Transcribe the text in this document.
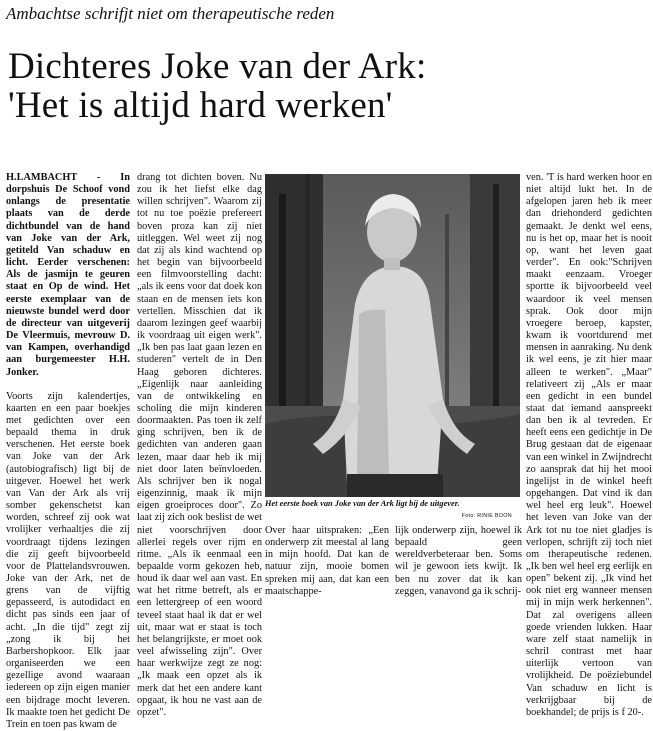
Ambachtse schrifjt niet om therapeutische reden
Dichteres Joke van der Ark:
'Het is altijd hard werken'

H.LAMBACHT - In dorpshuis De Schoof vond onlangs de presentatie plaats van de derde dichtbundel van de hand van Joke van der Ark, getiteld Van schaduw en licht. Eerder verschenen: Als de jasmijn te geuren staat en Op de wind. Het eerste exemplaar van de nieuwste bundel werd door de directeur van uitgeverij De Vleermuis, mevrouw D. van Kampen, overhandigd aan burgemeester H.H. Jonker.

Voorts zijn kalendertjes, kaarten en een paar boekjes met gedichten over een bepaald thema in druk verschenen. Het eerste boek van Joke van der Ark (autobiografisch) ligt bij de uitgever. Hoewel het werk van Van der Ark als vrij somber gekenschetst kan worden, schreef zij ook wat vrolijker verhaaltjes die zij voordraagt tijdens lezingen die zij geeft bijvoorbeeld voor de Plattelandsvrouwen. Joke van der Ark, net de grens van de vijftig gepasseerd, is autodidact en dicht pas sinds een jaar of acht. „In die tijd" zegt zij „zong ik bij het Barbershopkoor. Elk jaar organiseerden we een gezellige avond waaraan iedereen op zijn eigen manier een bijdrage mocht leveren. Ik maakte toen het gedicht De Trein en toen pas kwam de

drang tot dichten boven. Nu zou ik het liefst elke dag willen schrijven". Waarom zij tot nu toe poëzie prefereert boven proza kan zij niet uitleggen. Wel weet zij nog dat zij als kind wachtend op het begin van bijvoorbeeld een filmvoorstelling dacht: „als ik eens voor dat doek kon staan en de mensen iets kon vertellen. Misschien dat ik daarom lezingen geef waarbij ik voordraag uit eigen werk". „Ik ben pas laat gaan lezen en studeren" vertelt de in Den Haag geboren dichteres. „Eigenlijk naar aanleiding van de ontwikkeling en scholing die mijn kinderen doormaakten. Pas toen ik zelf ging schrijven, ben ik de gedichten van anderen gaan lezen, maar daar heb ik mij niet door laten beïnvloeden. Als schrijver ben ik nogal eigenzinnig, maak ik mijn eigen groeiproces door". Zo laat zij zich ook beslist de wet niet voorschrijven door allerlei regels over rijm en ritme. „Als ik eenmaal een bepaalde vorm gekozen heb, houd ik daar wel aan vast. En wat het ritme betreft, als er een lettergreep of een woord teveel staat haal ik dat er wel uit, maar wat er staat is toch het belangrijkste, er moet ook veel afwisseling zijn". Over haar werkwijze zegt ze nog: „Ik maak een opzet als ik merk dat het een andere kant opgaat, ik hou ne vast aan de opzet".

Het eerste boek van Joke van der Ark ligt bij de uitgever.
Foto: RINIE BOON

Over haar uitspraken: „Een onderwerp zit meestal al lang in mijn hoofd. Dat kan de natuur zijn, mooie bomen spreken mij aan, dat kan een maatschappe-

lijk onderwerp zijn, hoewel ik bepaald geen wereldverbeteraar ben. Soms wil je gewoon iets kwijt. Ik ben nu zover dat ik kan zeggen, vanavond ga ik schrij-

ven. 'T is hard werken hoor en niet altijd lukt het. In de afgelopen jaren heb ik meer dan driehonderd gedichten gemaakt. Je denkt wel eens, nu is het op, maar het is nooit op, want het leven gaat verder". En ook:"Schrijven maakt eenzaam. Vroeger sportte ik bijvoorbeeld veel waardoor ik veel mensen sprak. Ook door mijn vroegere beroep, kapster, kwam ik voortdurend met mensen in aanraking. Nu denk ik wel eens, je zit hier maar alleen te werken". „Maar" relativeert zij „Als er maar een gedicht in een bundel staat dat iemand aanspreekt dan ben ik al tevreden. Er heeft eens een gedichtje in De Brug gestaan dat de eigenaar van een winkel in Zwijndrecht zo aansprak dat hij het mooi ingelijst in de winkel heeft opgehangen. Dat vind ik dan wel heel erg leuk". Hoewel het leven van Joke van der Ark tot nu toe niet gladjes is verlopen, schrijft zij toch niet om therapeutische redenen. „Ik ben wel heel erg eerlijk en open" bekent zij. „Ik vind het ook niet erg wanneer mensen mij in mijn werk herkennen". Dat zal overigens alleen goede vrienden lukken. Haar ware zelf staat namelijk in schril contrast met haar uiterlijk vertoon van vrolijkheid. De poëziebundel Van schaduw en licht is verkrijgbaar bij de boekhandel; de prijs is f 20-.
